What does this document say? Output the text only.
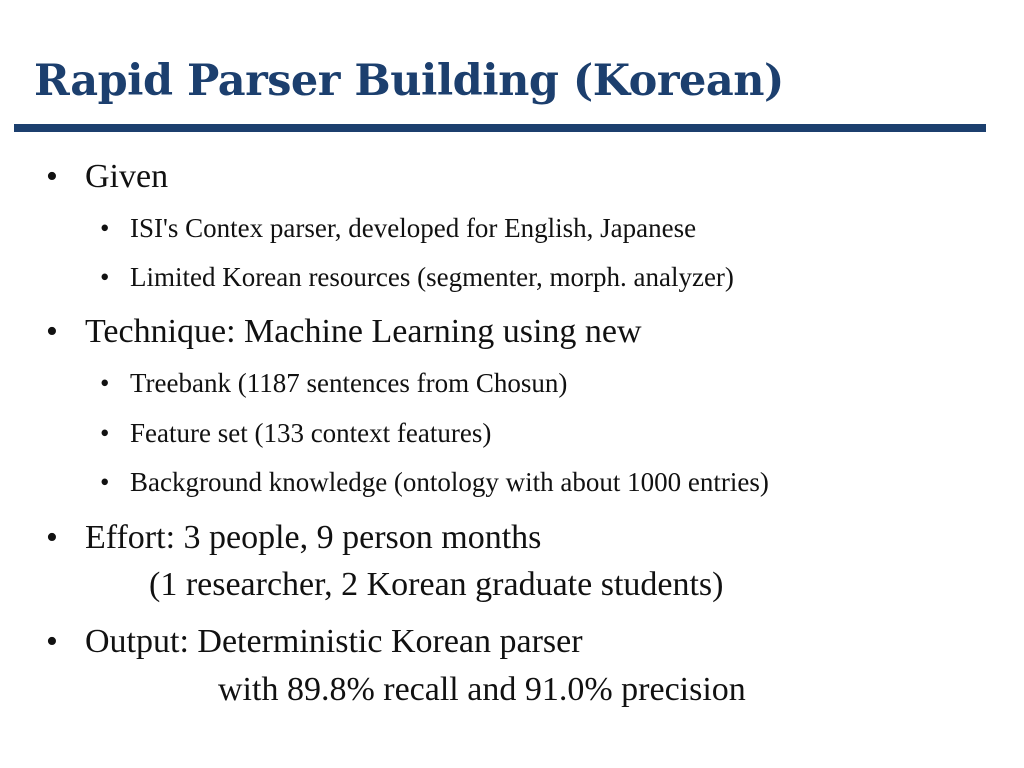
Rapid Parser Building (Korean)
• Given
• ISI's Contex parser, developed for English, Japanese
• Limited Korean resources (segmenter, morph. analyzer)
• Technique: Machine Learning using new
• Treebank (1187 sentences from Chosun)
• Feature set (133 context features)
• Background knowledge (ontology with about 1000 entries)
• Effort: 3 people, 9 person months
(1 researcher, 2 Korean graduate students)
• Output: Deterministic Korean parser
with 89.8% recall and 91.0% precision
